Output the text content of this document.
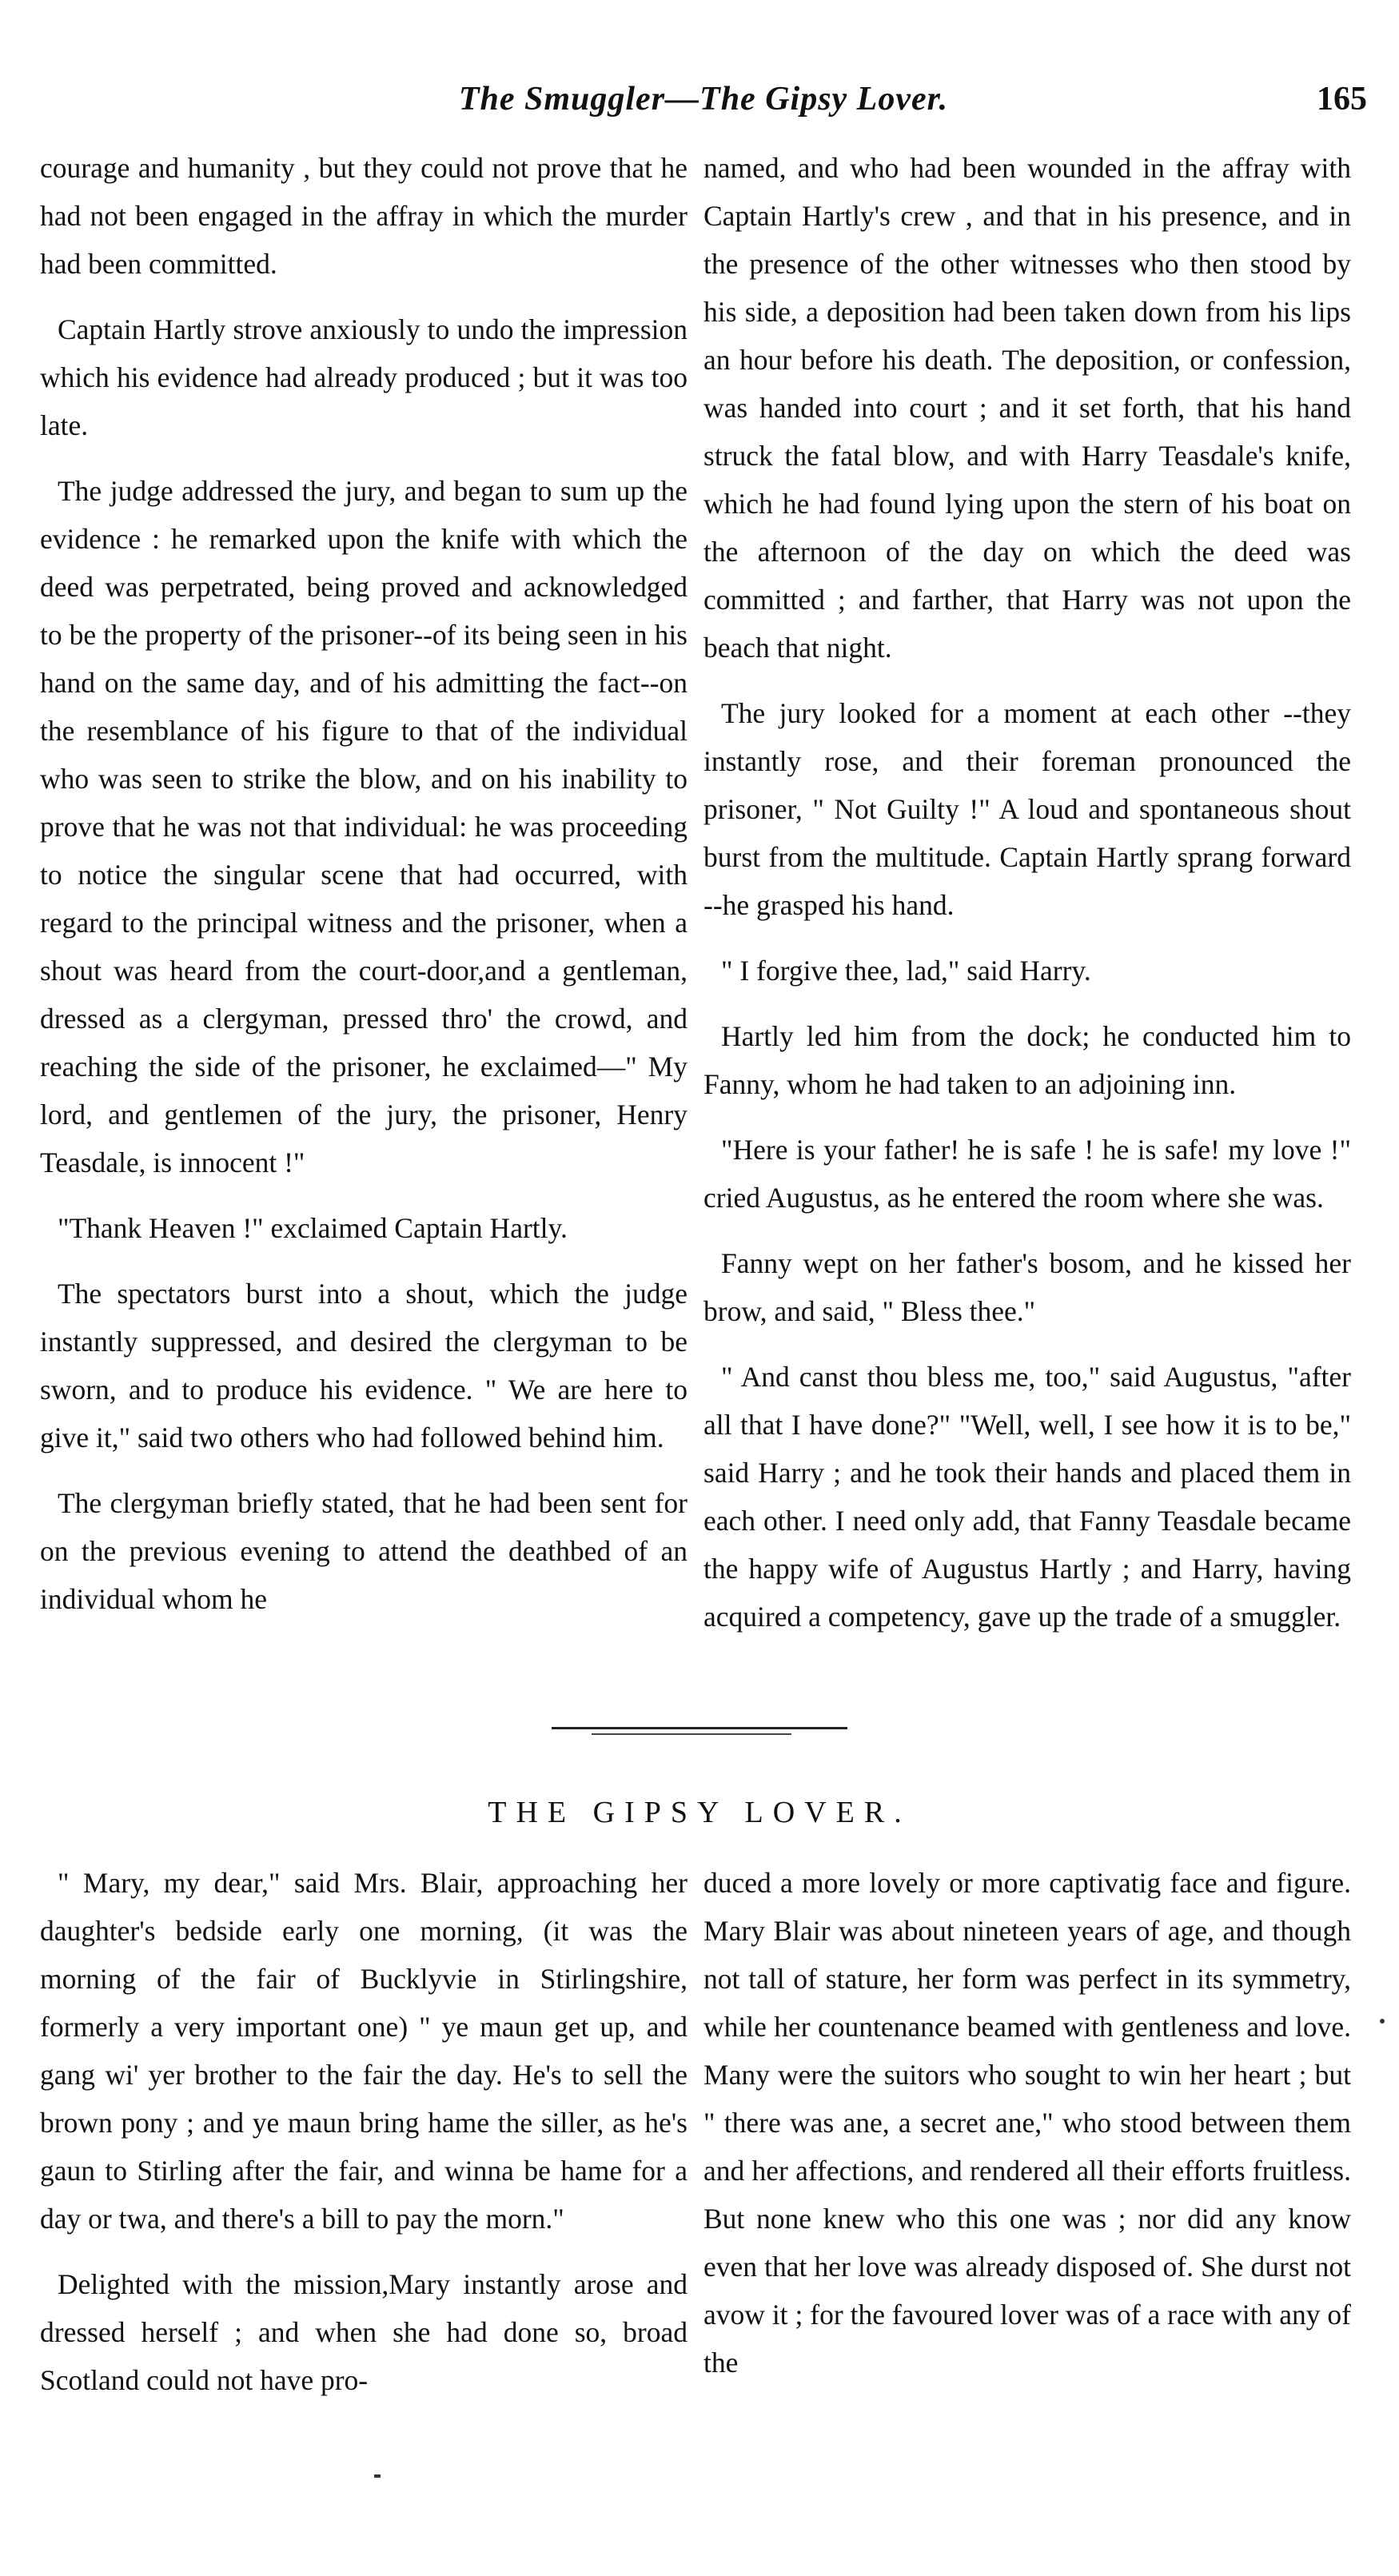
The Smuggler—The Gipsy Lover.	165

courage and humanity , but they could not prove that he had not been engaged in the affray in which the murder had been committed.

Captain Hartly strove anxiously to undo the impression which his evidence had already produced ; but it was too late.

The judge addressed the jury, and began to sum up the evidence : he remarked upon the knife with which the deed was perpetrated, being proved and acknowledged to be the property of the prisoner--of its being seen in his hand on the same day, and of his admitting the fact--on the resemblance of his figure to that of the individual who was seen to strike the blow, and on his inability to prove that he was not that individual: he was proceeding to notice the singular scene that had occurred, with regard to the principal witness and the prisoner, when a shout was heard from the court-door,and a gentleman, dressed as a clergyman, pressed thro' the crowd, and reaching the side of the prisoner, he exclaimed—" My lord, and gentlemen of the jury, the prisoner, Henry Teasdale, is innocent !"

"Thank Heaven !" exclaimed Captain Hartly.

The spectators burst into a shout, which the judge instantly suppressed, and desired the clergyman to be sworn, and to produce his evidence. " We are here to give it," said two others who had followed behind him.

The clergyman briefly stated, that he had been sent for on the previous evening to attend the deathbed of an individual whom he

named, and who had been wounded in the affray with Captain Hartly's crew , and that in his presence, and in the presence of the other witnesses who then stood by his side, a deposition had been taken down from his lips an hour before his death. The deposition, or confession, was handed into court ; and it set forth, that his hand struck the fatal blow, and with Harry Teasdale's knife, which he had found lying upon the stern of his boat on the afternoon of the day on which the deed was committed ; and farther, that Harry was not upon the beach that night.

The jury looked for a moment at each other --they instantly rose, and their foreman pronounced the prisoner, " Not Guilty !" A loud and spontaneous shout burst from the multitude. Captain Hartly sprang forward --he grasped his hand.

" I forgive thee, lad," said Harry.

Hartly led him from the dock; he conducted him to Fanny, whom he had taken to an adjoining inn.

"Here is your father! he is safe ! he is safe! my love !" cried Augustus, as he entered the room where she was.

Fanny wept on her father's bosom, and he kissed her brow, and said, " Bless thee."

" And canst thou bless me, too," said Augustus, "after all that I have done?" "Well, well, I see how it is to be," said Harry ; and he took their hands and placed them in each other. I need only add, that Fanny Teasdale became the happy wife of Augustus Hartly ; and Harry, having acquired a competency, gave up the trade of a smuggler.

THE GIPSY LOVER.

" Mary, my dear," said Mrs. Blair, approaching her daughter's bedside early one morning, (it was the morning of the fair of Bucklyvie in Stirlingshire, formerly a very important one) " ye maun get up, and gang wi' yer brother to the fair the day. He's to sell the brown pony ; and ye maun bring hame the siller, as he's gaun to Stirling after the fair, and winna be hame for a day or twa, and there's a bill to pay the morn."

Delighted with the mission,Mary instantly arose and dressed herself ; and when she had done so, broad Scotland could not have pro-

duced a more lovely or more captivatig face and figure. Mary Blair was about nineteen years of age, and though not tall of stature, her form was perfect in its symmetry, while her countenance beamed with gentleness and love. Many were the suitors who sought to win her heart ; but " there was ane, a secret ane," who stood between them and her affections, and rendered all their efforts fruitless. But none knew who this one was ; nor did any know even that her love was already disposed of. She durst not avow it ; for the favoured lover was of a race with any of the
